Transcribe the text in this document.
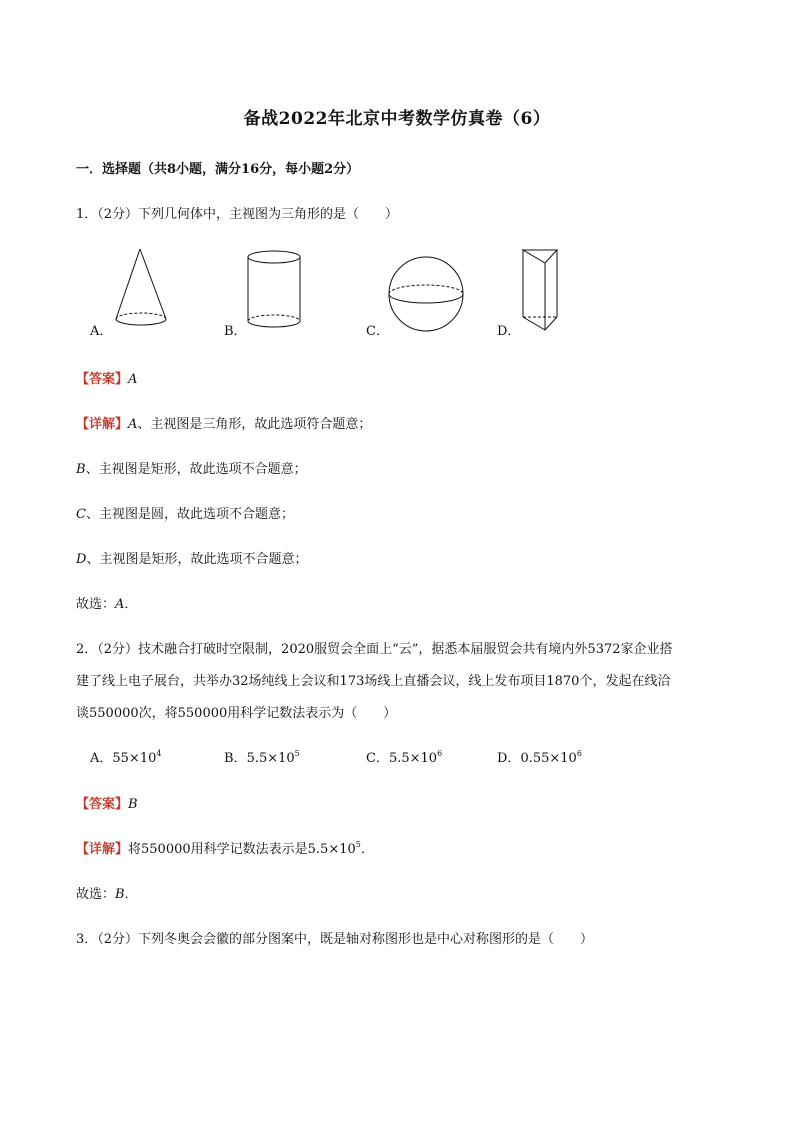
备战2022年北京中考数学仿真卷（6）
一．选择题（共8小题，满分16分，每小题2分）
1．（2分）下列几何体中，主视图为三角形的是（　　）
A．	B．	C．	D．
【答案】A
【详解】A、主视图是三角形，故此选项符合题意；
B、主视图是矩形，故此选项不合题意；
C、主视图是圆，故此选项不合题意；
D、主视图是矩形，故此选项不合题意；
故选：A．
2．（2分）技术融合打破时空限制，2020服贸会全面上“云”，据悉本届服贸会共有境内外5372家企业搭
建了线上电子展台，共举办32场纯线上会议和173场线上直播会议，线上发布项目1870个，发起在线洽
谈550000次，将550000用科学记数法表示为（　　）
A．$55\times 10^4$	B．$5.5\times 10^5$	C．$5.5\times 10^6$	D．$0.55\times 10^6$
【答案】B
【详解】将550000用科学记数法表示是$5.5\times 10^5$．
故选：B．
3．（2分）下列冬奥会会徽的部分图案中，既是轴对称图形也是中心对称图形的是（　　）
